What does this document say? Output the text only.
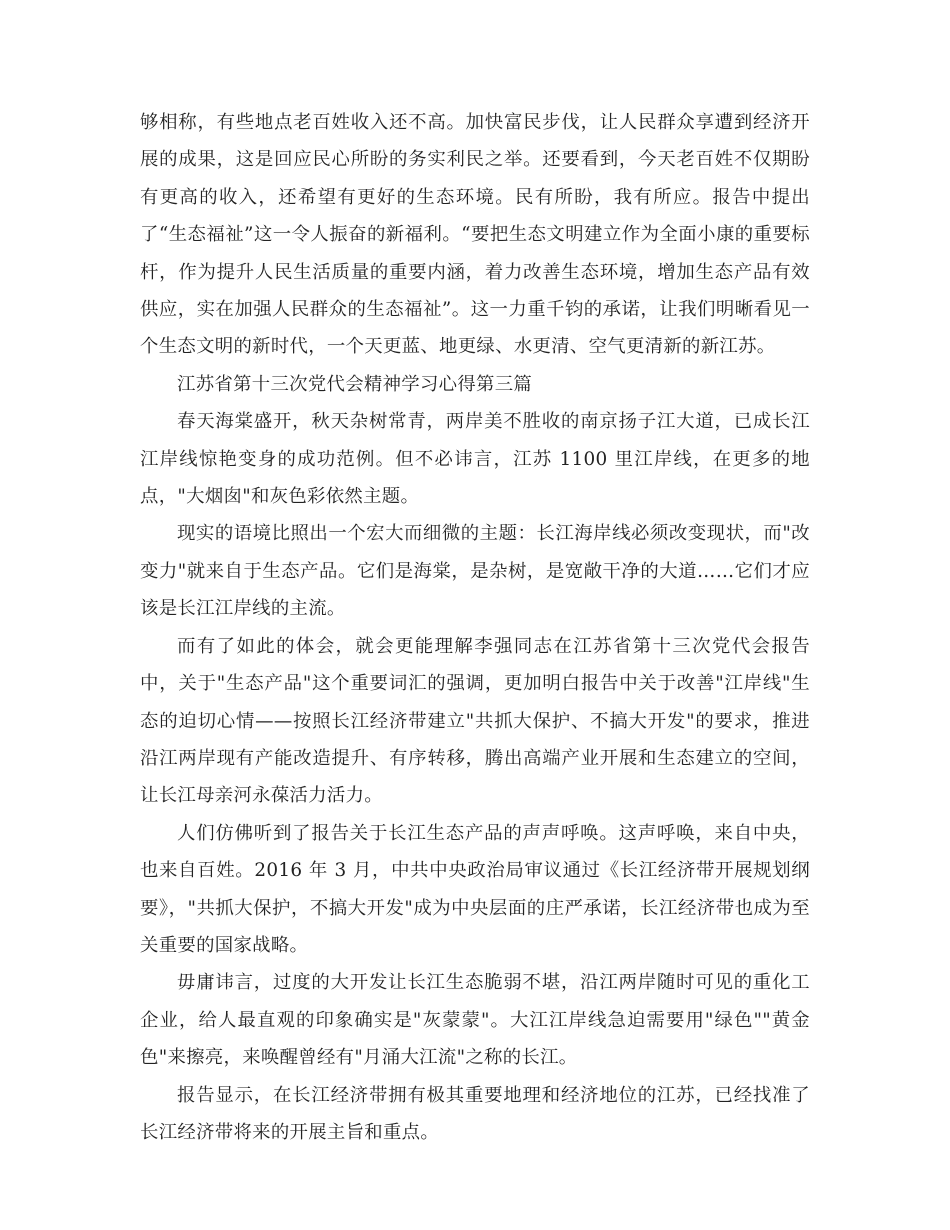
够相称，有些地点老百姓收入还不高。加快富民步伐，让人民群众享遭到经济开展的成果，这是回应民心所盼的务实利民之举。还要看到，今天老百姓不仅期盼有更高的收入，还希望有更好的生态环境。民有所盼，我有所应。报告中提出了“生态福祉”这一令人振奋的新福利。“要把生态文明建立作为全面小康的重要标杆，作为提升人民生活质量的重要内涵，着力改善生态环境，增加生态产品有效供应，实在加强人民群众的生态福祉”。这一力重千钧的承诺，让我们明晰看见一个生态文明的新时代，一个天更蓝、地更绿、水更清、空气更清新的新江苏。

江苏省第十三次党代会精神学习心得第三篇

春天海棠盛开，秋天杂树常青，两岸美不胜收的南京扬子江大道，已成长江江岸线惊艳变身的成功范例。但不必讳言，江苏 1100 里江岸线，在更多的地点，"大烟囱"和灰色彩依然主题。

现实的语境比照出一个宏大而细微的主题：长江海岸线必须改变现状，而"改变力"就来自于生态产品。它们是海棠，是杂树，是宽敞干净的大道……它们才应该是长江江岸线的主流。

而有了如此的体会，就会更能理解李强同志在江苏省第十三次党代会报告中，关于"生态产品"这个重要词汇的强调，更加明白报告中关于改善"江岸线"生态的迫切心情——按照长江经济带建立"共抓大保护、不搞大开发"的要求，推进沿江两岸现有产能改造提升、有序转移，腾出高端产业开展和生态建立的空间，让长江母亲河永葆活力活力。

人们仿佛听到了报告关于长江生态产品的声声呼唤。这声呼唤，来自中央，也来自百姓。2016 年 3 月，中共中央政治局审议通过《长江经济带开展规划纲要》，"共抓大保护，不搞大开发"成为中央层面的庄严承诺，长江经济带也成为至关重要的国家战略。

毋庸讳言，过度的大开发让长江生态脆弱不堪，沿江两岸随时可见的重化工企业，给人最直观的印象确实是"灰蒙蒙"。大江江岸线急迫需要用"绿色""黄金色"来擦亮，来唤醒曾经有"月涌大江流"之称的长江。

报告显示，在长江经济带拥有极其重要地理和经济地位的江苏，已经找准了长江经济带将来的开展主旨和重点。
